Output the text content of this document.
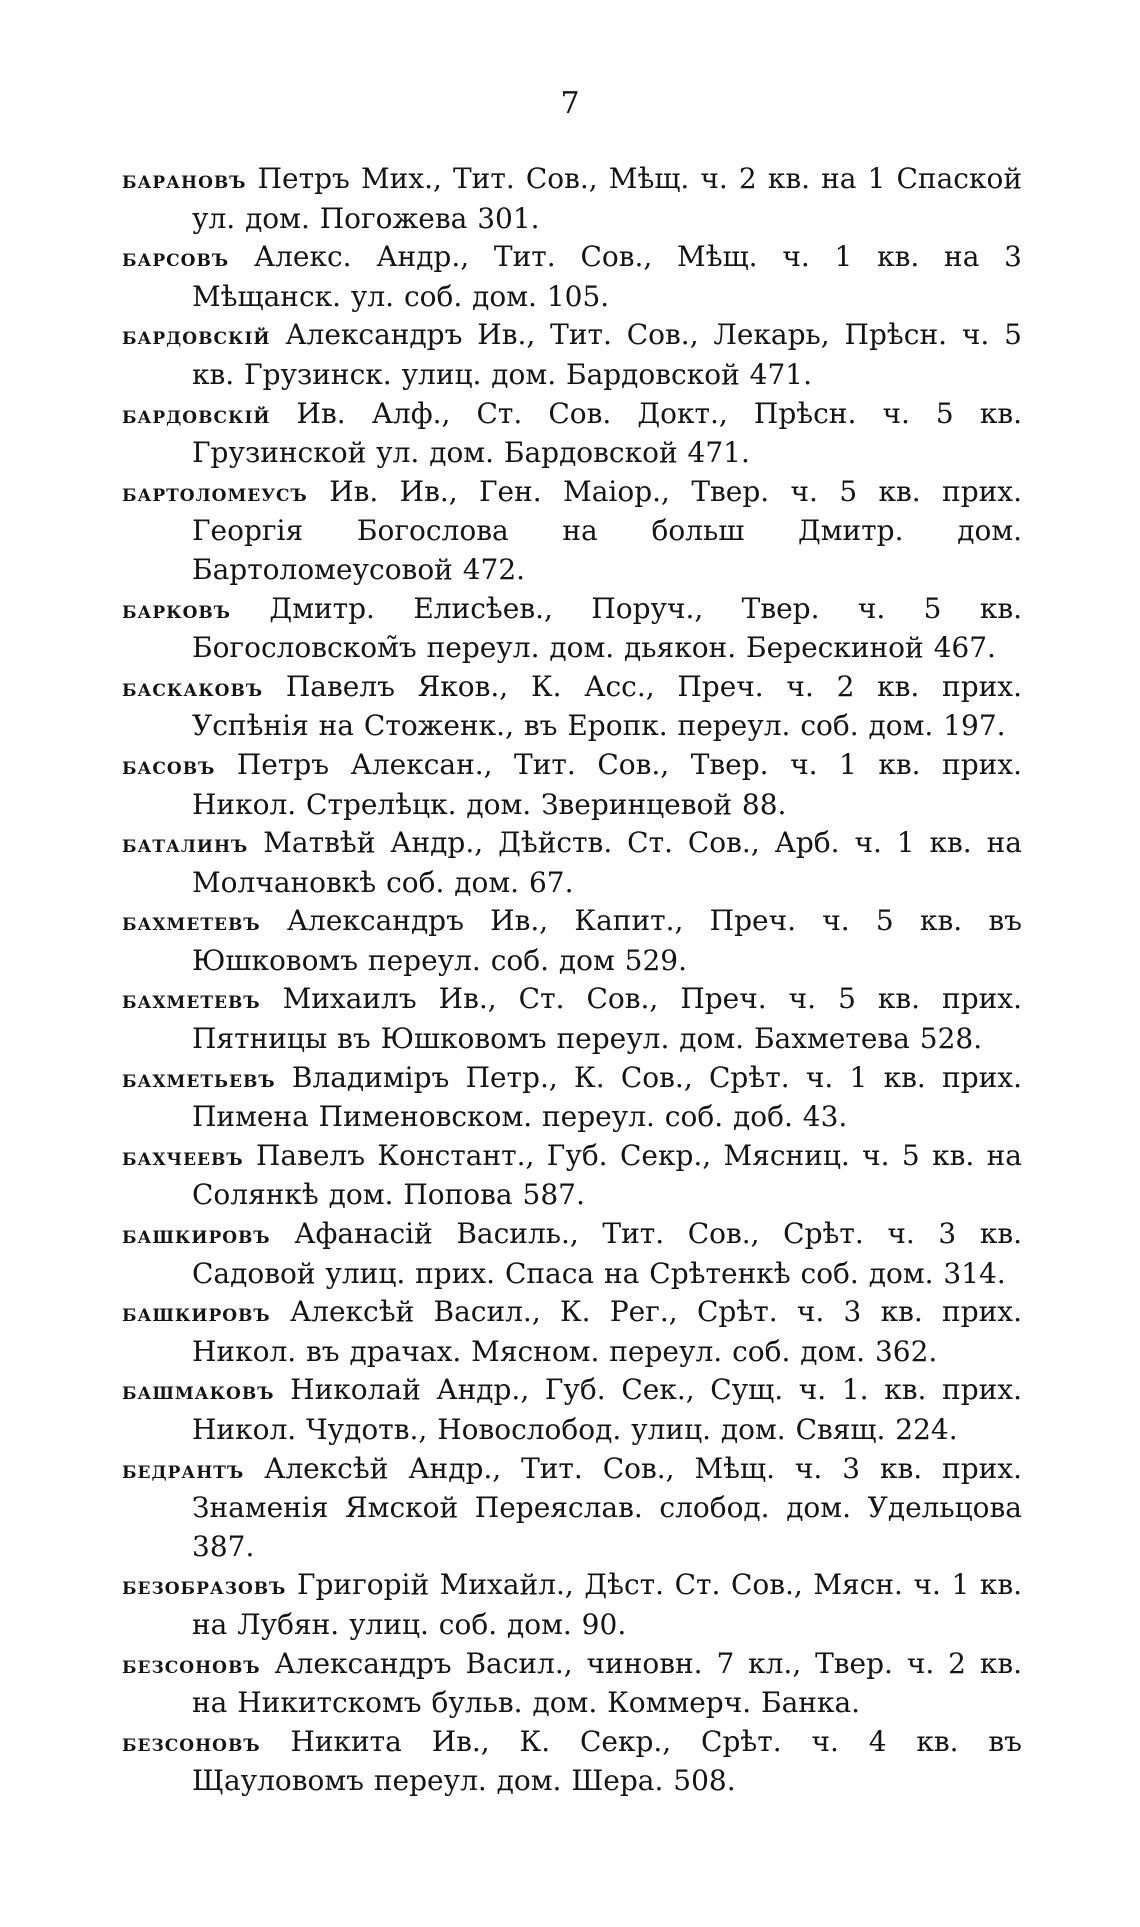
7

барановъ Петръ Мих., Тит. Сов., Мѣщ. ч. 2 кв. на 1 Спаской ул. дом. Погожева 301.

барсовъ Алекс. Андр., Тит. Сов., Мѣщ. ч. 1 кв. на 3 Мѣщанск. ул. соб. дом. 105.

бардовскій Александръ Ив., Тит. Сов., Лекарь, Прѣсн. ч. 5 кв. Грузинск. улиц. дом. Бардовской 471.

бардовскій Ив. Алф., Ст. Сов. Докт., Прѣсн. ч. 5 кв. Грузинской ул. дом. Бардовской 471.

бартоломеусъ Ив. Ив., Ген. Маіор., Твер. ч. 5 кв. прих. Георгія Богослова на больш Дмитр. дом. Бартоломеусовой 472.

барковъ Дмитр. Елисѣев., Поруч., Твер. ч. 5 кв. Богословском̃ъ переул. дом. дьякон. Берескиной 467.

баскаковъ Павелъ Яков., К. Асс., Преч. ч. 2 кв. прих. Успѣнія на Стоженк., въ Еропк. переул. соб. дом. 197.

басовъ Петръ Алексан., Тит. Сов., Твер. ч. 1 кв. прих. Никол. Стрелѣцк. дом. Звеpинцевой 88.

баталинъ Матвѣй Андр., Дѣйств. Ст. Сов., Арб. ч. 1 кв. на Молчановкѣ соб. дом. 67.

бахметевъ Александръ Ив., Капит., Преч. ч. 5 кв. въ Юшковомъ переул. соб. дом 529.

бахметевъ Михаилъ Ив., Ст. Сов., Преч. ч. 5 кв. прих. Пятницы въ Юшковомъ переул. дом. Бахметева 528.

бахметьевъ Владиміръ Петр., К. Сов., Срѣт. ч. 1 кв. прих. Пимена Пименовском. переул. соб. доб. 43.

бахчеевъ Павелъ Констант., Губ. Секр., Мясниц. ч. 5 кв. на Солянкѣ дом. Попова 587.

башкировъ Афанасій Василь., Тит. Сов., Срѣт. ч. 3 кв. Садовой улиц. прих. Спаса на Срѣтенкѣ соб. дом. 314.

башкировъ Алексѣй Васил., К. Рег., Срѣт. ч. 3 кв. прих. Никол. въ драчах. Мясном. переул. соб. дом. 362.

башмаковъ Николай Андр., Губ. Сек., Сущ. ч. 1. кв. прих. Никол. Чудотв., Новослобод. улиц. дом. Свящ. 224.

бедрантъ Алексѣй Андр., Тит. Сов., Мѣщ. ч. 3 кв. прих. Знаменія Ямской Переяслав. слобод. дом. Удельцова 387.

безобразовъ Григорій Михайл., Дѣст. Ст. Сов., Мясн. ч. 1 кв. на Лубян. улиц. соб. дом. 90.

безсоновъ Александръ Васил., чиновн. 7 кл., Твер. ч. 2 кв. на Никитскомъ бульв. дом. Коммерч. Банка.

безсоновъ Никита Ив., К. Секр., Срѣт. ч. 4 кв. въ Щауловомъ переул. дом. Шера. 508.
